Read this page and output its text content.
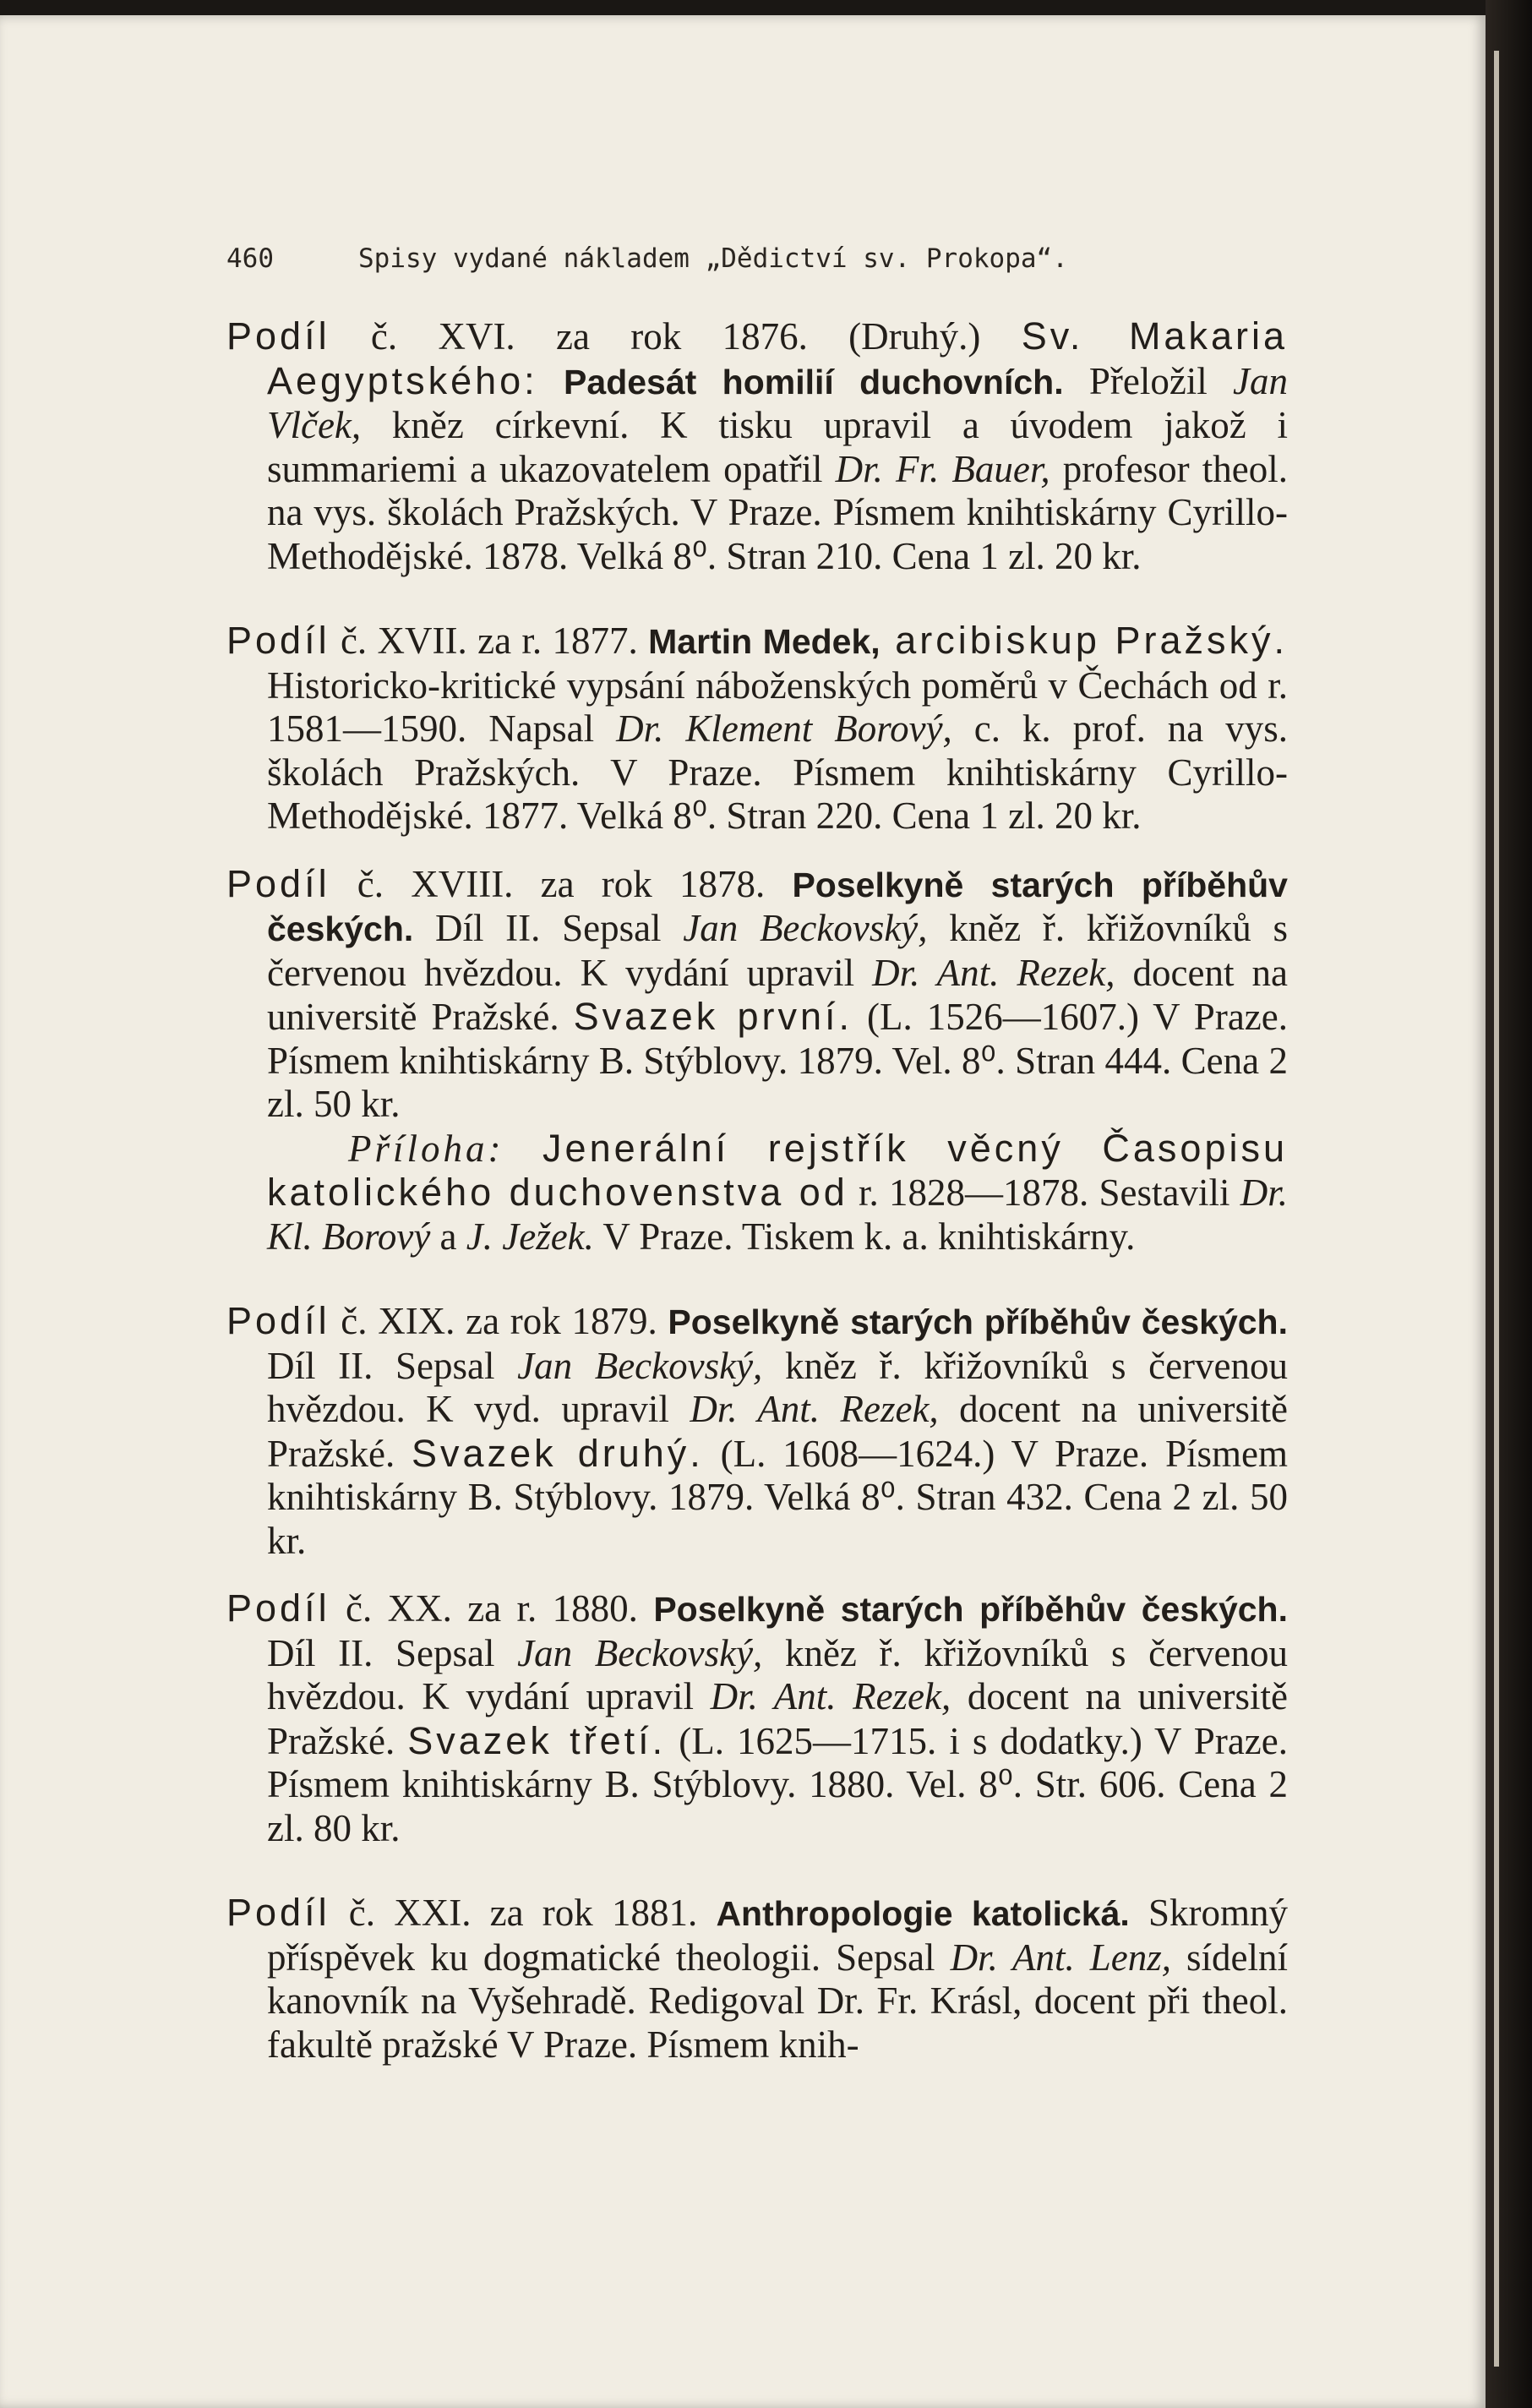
460	Spisy vydané nákladem „Dědictví sv. Prokopa“.

Podíl č. XVI. za rok 1876. (Druhý.) Sv. Makaria Aegyptského: Padesát homilií duchovních. Přeložil Jan Vlček, kněz církevní. K tisku upravil a úvodem jakož i summariemi a ukazovatelem opatřil Dr. Fr. Bauer, profesor theol. na vys. školách Pražských. V Praze. Písmem knihtiskárny Cyrillo-Methodějské. 1878. Velká 8⁰. Stran 210. Cena 1 zl. 20 kr.

Podíl č. XVII. za r. 1877. Martin Medek, arcibiskup Pražský. Historicko-kritické vypsání náboženských poměrů v Čechách od r. 1581—1590. Napsal Dr. Klement Borový, c. k. prof. na vys. školách Pražských. V Praze. Písmem knihtiskárny Cyrillo-Methodějské. 1877. Velká 8⁰. Stran 220. Cena 1 zl. 20 kr.

Podíl č. XVIII. za rok 1878. Poselkyně starých příběhův českých. Díl II. Sepsal Jan Beckovský, kněz ř. křižovníků s červenou hvězdou. K vydání upravil Dr. Ant. Rezek, docent na universitě Pražské. Svazek první. (L. 1526—1607.) V Praze. Písmem knihtiskárny B. Stýblovy. 1879. Vel. 8⁰. Stran 444. Cena 2 zl. 50 kr.

Příloha: Jenerální rejstřík věcný Časopisu katolického duchovenstva od r. 1828—1878. Sestavili Dr. Kl. Borový a J. Ježek. V Praze. Tiskem k. a. knihtiskárny.

Podíl č. XIX. za rok 1879. Poselkyně starých příběhův českých. Díl II. Sepsal Jan Beckovský, kněz ř. křižovníků s červenou hvězdou. K vyd. upravil Dr. Ant. Rezek, docent na universitě Pražské. Svazek druhý. (L. 1608—1624.) V Praze. Písmem knihtiskárny B. Stýblovy. 1879. Velká 8⁰. Stran 432. Cena 2 zl. 50 kr.

Podíl č. XX. za r. 1880. Poselkyně starých příběhův českých. Díl II. Sepsal Jan Beckovský, kněz ř. křižovníků s červenou hvězdou. K vydání upravil Dr. Ant. Rezek, docent na universitě Pražské. Svazek třetí. (L. 1625—1715. i s dodatky.) V Praze. Písmem knihtiskárny B. Stýblovy. 1880. Vel. 8⁰. Str. 606. Cena 2 zl. 80 kr.

Podíl č. XXI. za rok 1881. Anthropologie katolická. Skromný příspěvek ku dogmatické theologii. Sepsal Dr. Ant. Lenz, sídelní kanovník na Vyšehradě. Redigoval Dr. Fr. Krásl, docent při theol. fakultě pražské V Praze. Písmem knih-
